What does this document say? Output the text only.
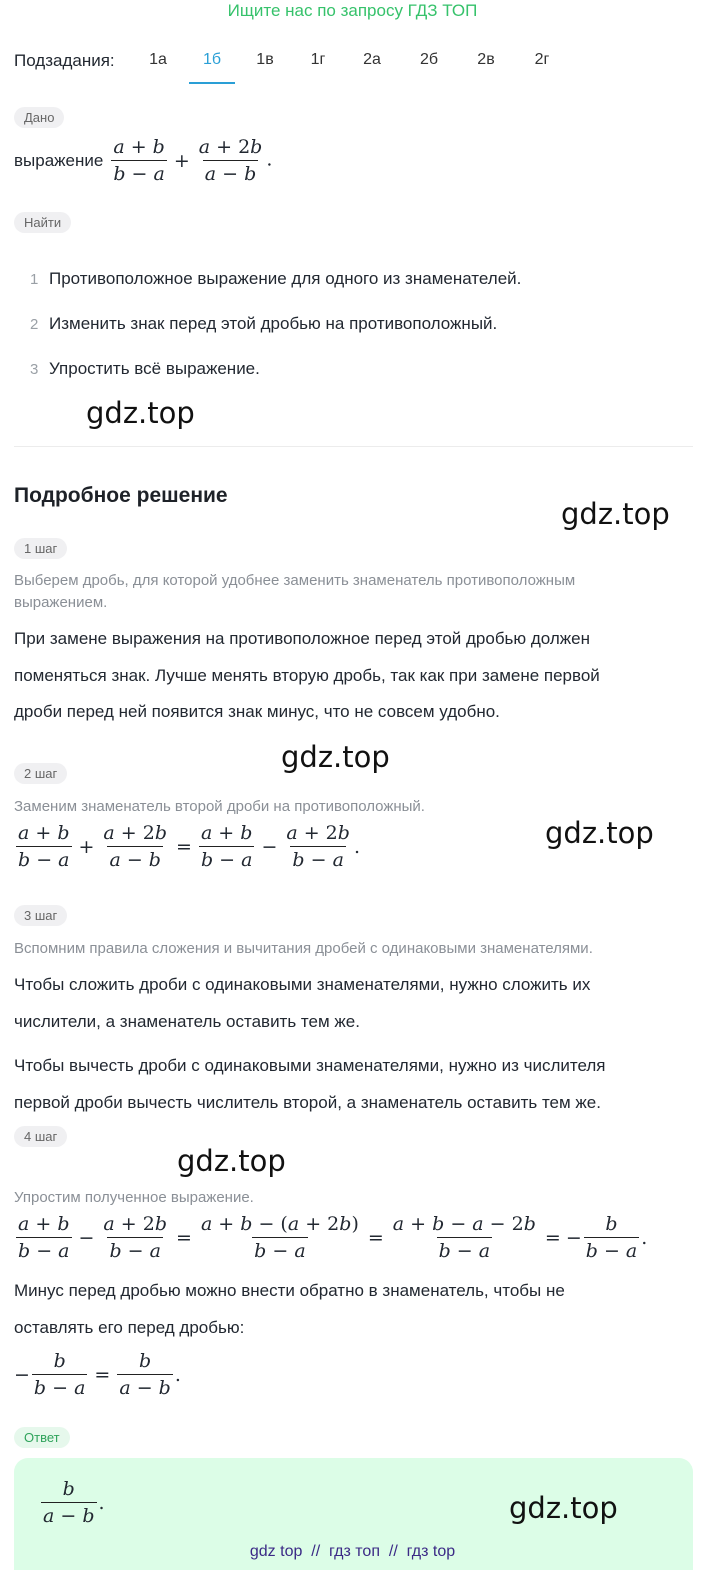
Ищите нас по запросу ГДЗ ТОП
Подзадания:	1а	1б	1в	1г	2а	2б	2в	2г
Дано
выражение $\frac{a + b}{b - a} + \frac{a + 2b}{a - b}$ .
Найти
1 Противоположное выражение для одного из знаменателей.
2 Изменить знак перед этой дробью на противоположный.
3 Упростить всё выражение.
gdz.top
Подробное решение
gdz.top
1 шаг
Выберем дробь, для которой удобнее заменить знаменатель противоположным выражением.
При замене выражения на противоположное перед этой дробью должен
поменяться знак. Лучше менять вторую дробь, так как при замене первой
дроби перед ней появится знак минус, что не совсем удобно.
gdz.top
2 шаг
Заменим знаменатель второй дроби на противоположный.
$\frac{a + b}{b - a} + \frac{a + 2b}{a - b} = \frac{a + b}{b - a} - \frac{a + 2b}{b - a}$ .	gdz.top
3 шаг
Вспомним правила сложения и вычитания дробей с одинаковыми знаменателями.
Чтобы сложить дроби с одинаковыми знаменателями, нужно сложить их
числители, а знаменатель оставить тем же.
Чтобы вычесть дроби с одинаковыми знаменателями, нужно из числителя
первой дроби вычесть числитель второй, а знаменатель оставить тем же.
4 шаг
gdz.top
Упростим полученное выражение.
$\frac{a + b}{b - a} - \frac{a + 2b}{b - a} = \frac{a + b - (a + 2b)}{b - a} = \frac{a + b - a - 2b}{b - a}$ = − $\frac{b}{b - a}$ .
Минус перед дробью можно внести обратно в знаменатель, чтобы не
оставлять его перед дробью:
− $\frac{b}{b - a} = \frac{b}{a - b}$ .
Ответ
$\frac{b}{a - b}$ .	gdz.top
gdz top  //  гдз топ  //  гдз top
